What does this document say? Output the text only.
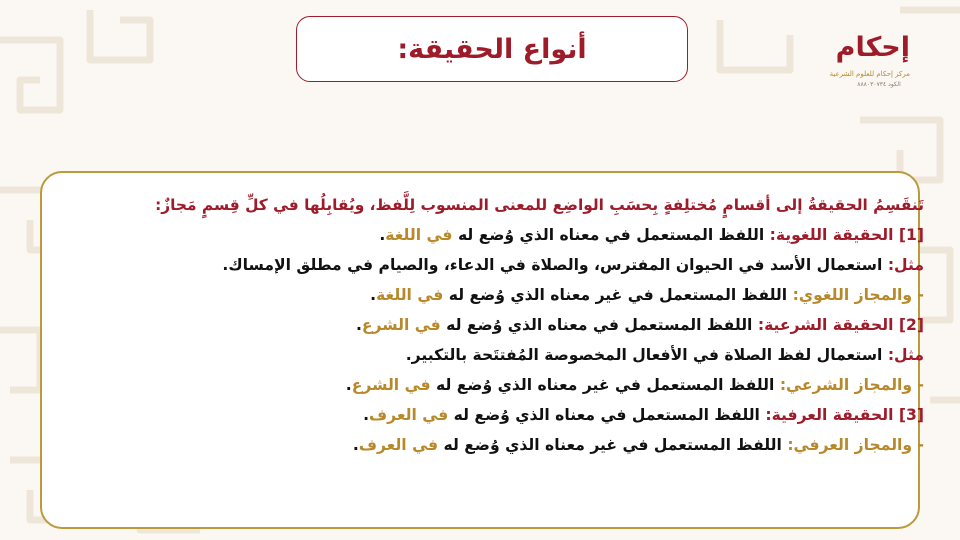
أنواع الحقيقة:	إحكام
مركز إحكام للعلوم الشرعية
ﺍﻟﻜﻮﺩ ٨٨٨٠٣٠٧٣٤
تَنقَسِمُ الحقيقةُ إلى أقسامٍ مُختلِفةٍ بِحسَبِ الواضِع للمعنى المنسوب لِلَّفظ، ويُقابِلُها في كلِّ قِسمٍ مَجازٌ:
[1] الحقيقة اللغوية: اللفظ المستعمل في معناه الذي وُضع له في اللغة.
مثل: استعمال الأسد في الحيوان المفترس، والصلاة في الدعاء، والصيام في مطلق الإمساك.
- والمجاز اللغوي: اللفظ المستعمل في غير معناه الذي وُضع له في اللغة.
[2] الحقيقة الشرعية: اللفظ المستعمل في معناه الذي وُضع له في الشرع.
مثل: استعمال لفظ الصلاة في الأفعال المخصوصة المُفتتَحة بالتكبير.
- والمجاز الشرعي: اللفظ المستعمل في غير معناه الذي وُضع له في الشرع.
[3] الحقيقة العرفية: اللفظ المستعمل في معناه الذي وُضع له في العرف.
- والمجاز العرفي: اللفظ المستعمل في غير معناه الذي وُضع له في العرف.
